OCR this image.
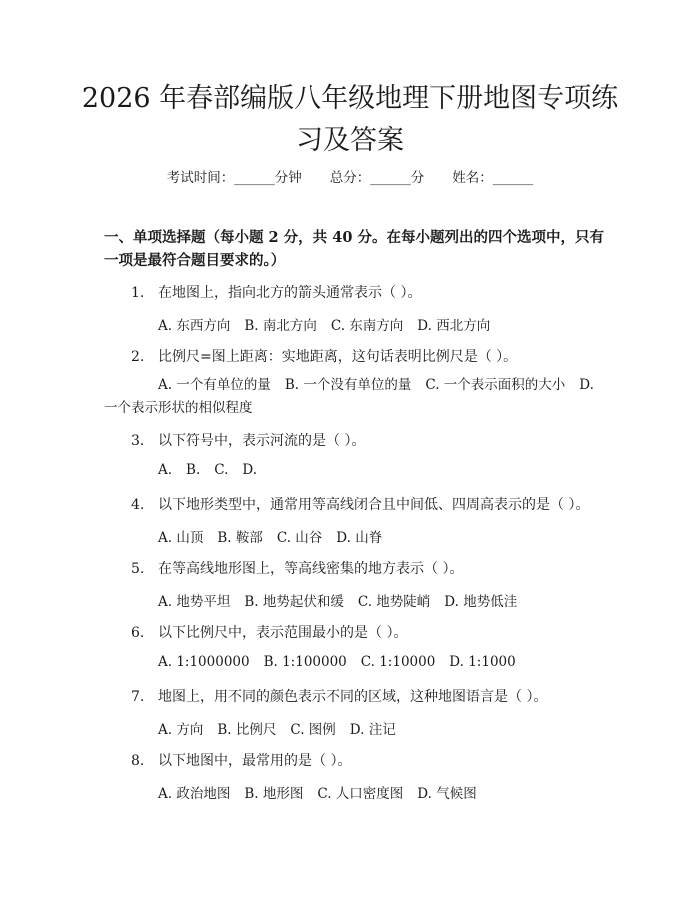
2026 年春部编版八年级地理下册地图专项练
习及答案
考试时间：______分钟 总分：______分 姓名：______
一、单项选择题（每小题 2 分，共 40 分。在每小题列出的四个选项中，只有一项是最符合题目要求的。）
1. 在地图上，指向北方的箭头通常表示（ ）。
A. 东西方向 B. 南北方向 C. 东南方向 D. 西北方向
2. 比例尺=图上距离：实地距离，这句话表明比例尺是（ ）。
A. 一个有单位的量 B. 一个没有单位的量 C. 一个表示面积的大小 D. 一个表示形状的相似程度
3. 以下符号中，表示河流的是（ ）。
A. B. C. D.
4. 以下地形类型中，通常用等高线闭合且中间低、四周高表示的是（ ）。
A. 山顶 B. 鞍部 C. 山谷 D. 山脊
5. 在等高线地形图上，等高线密集的地方表示（ ）。
A. 地势平坦 B. 地势起伏和缓 C. 地势陡峭 D. 地势低洼
6. 以下比例尺中，表示范围最小的是（ ）。
A. 1:1000000 B. 1:100000 C. 1:10000 D. 1:1000
7. 地图上，用不同的颜色表示不同的区域，这种地图语言是（ ）。
A. 方向 B. 比例尺 C. 图例 D. 注记
8. 以下地图中，最常用的是（ ）。
A. 政治地图 B. 地形图 C. 人口密度图 D. 气候图
